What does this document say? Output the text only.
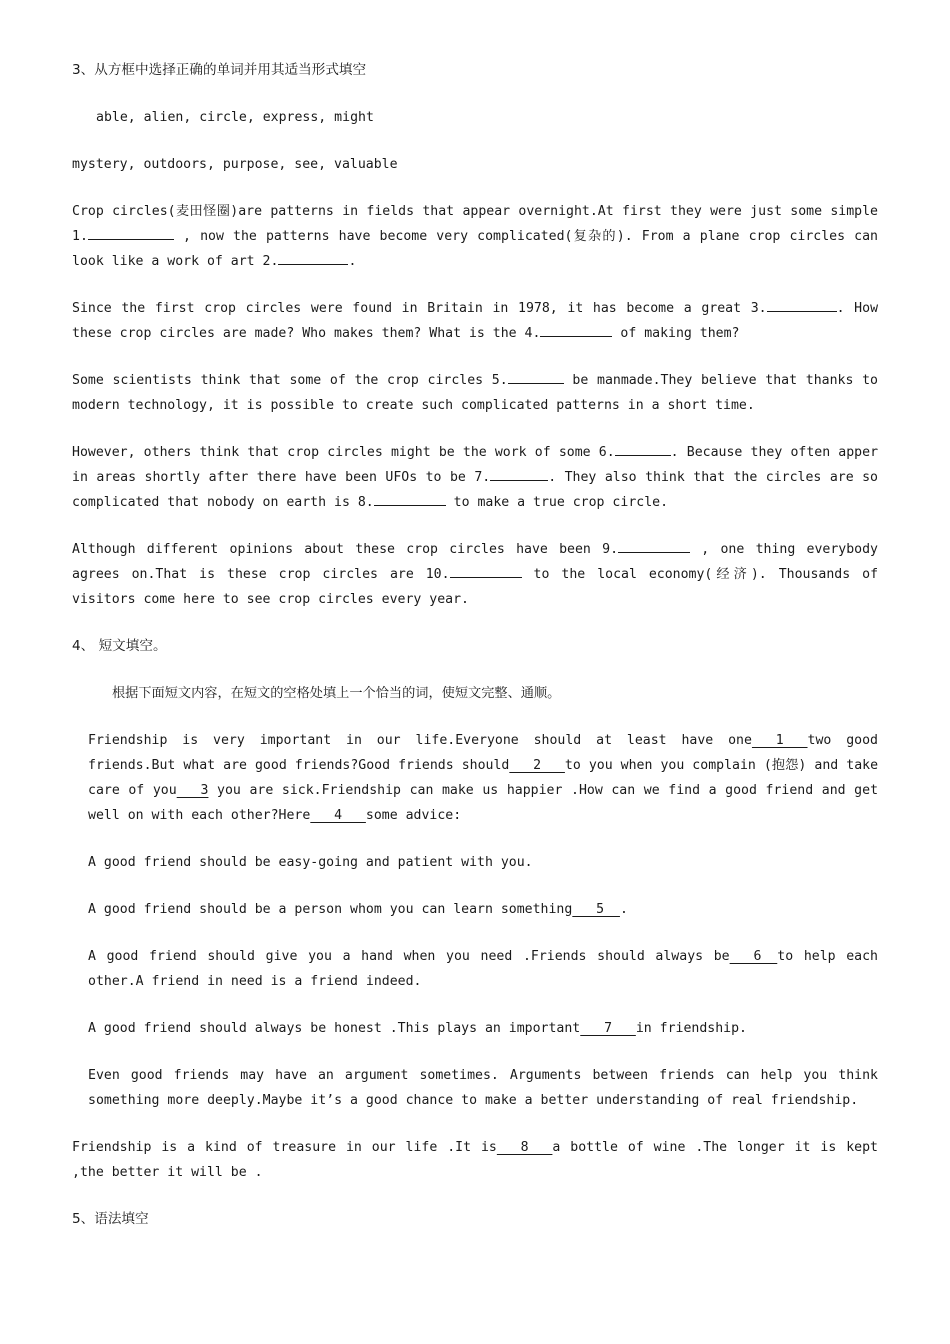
3、从方框中选择正确的单词并用其适当形式填空
able, alien, circle, express, might
mystery, outdoors, purpose, see, valuable
Crop circles(麦田怪圈)are patterns in fields that appear overnight.At first they were just some simple 1.	, now the patterns have become very complicated(复杂的). From a plane crop circles can look like a work of art 2.	.
Since the first crop circles were found in Britain in 1978, it has become a great 3.	. How these crop circles are made? Who makes them? What is the 4.	of making them?
Some scientists think that some of the crop circles 5.	be manmade.They believe that thanks to modern technology, it is possible to create such complicated patterns in a short time.
However, others think that crop circles might be the work of some 6.	. Because they often apper in areas shortly after there have been UFOs to be 7.	. They also think that the circles are so complicated that nobody on earth is 8.	to make a true crop circle.
Although different opinions about these crop circles have been 9.	, one thing everybody agrees on.That is these crop circles are 10.	to the local economy(经济). Thousands of visitors come here to see crop circles every year.
4、 短文填空。
根据下面短文内容，在短文的空格处填上一个恰当的词，使短文完整、通顺。
Friendship is very important in our life.Everyone should at least have one   1   two good friends.But what are good friends?Good friends should   2   to you when you complain (抱怨) and take care of you   3 you are sick.Friendship can make us happier .How can we find a good friend and get well on with each other?Here   4   some advice:
A good friend should be easy-going and patient with you.
A good friend should be a person whom you can learn something   5  .
A good friend should give you a hand when you need .Friends should always be   6  to help each other.A friend in need is a friend indeed.
A good friend should always be honest .This plays an important   7   in friendship.
Even good friends may have an argument sometimes. Arguments between friends can help you think something more deeply.Maybe it’s a good chance to make a better understanding of real friendship.
Friendship is a kind of treasure in our life .It is   8   a bottle of wine .The longer it is kept ,the better it will be .
5、语法填空
